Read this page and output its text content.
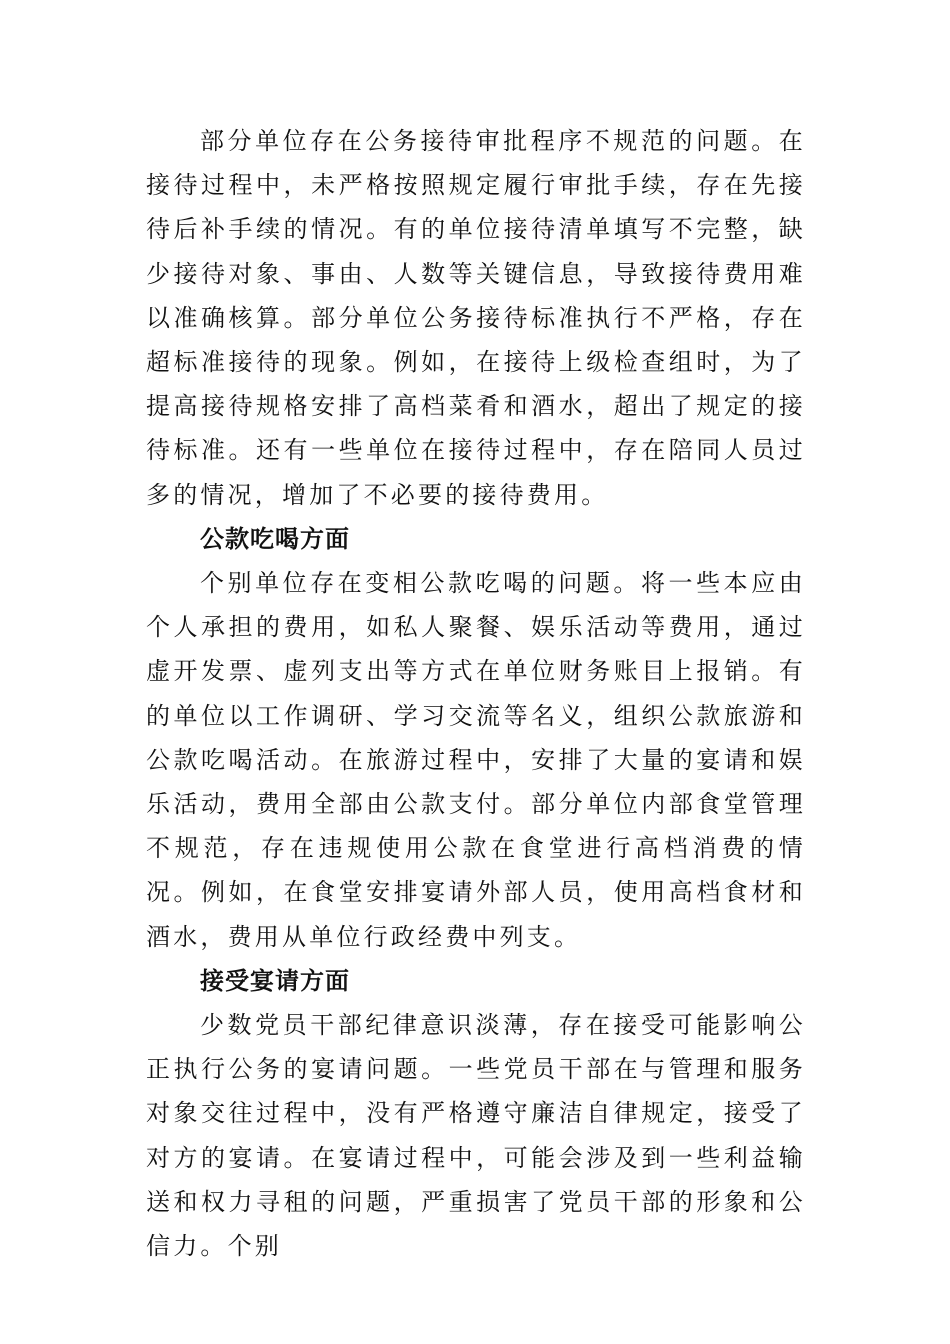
部分单位存在公务接待审批程序不规范的问题。在接待过程中，未严格按照规定履行审批手续，存在先接待后补手续的情况。有的单位接待清单填写不完整，缺少接待对象、事由、人数等关键信息，导致接待费用难以准确核算。部分单位公务接待标准执行不严格，存在超标准接待的现象。例如，在接待上级检查组时，为了提高接待规格安排了高档菜肴和酒水，超出了规定的接待标准。还有一些单位在接待过程中，存在陪同人员过多的情况，增加了不必要的接待费用。

公款吃喝方面

个别单位存在变相公款吃喝的问题。将一些本应由个人承担的费用，如私人聚餐、娱乐活动等费用，通过虚开发票、虚列支出等方式在单位财务账目上报销。有的单位以工作调研、学习交流等名义，组织公款旅游和公款吃喝活动。在旅游过程中，安排了大量的宴请和娱乐活动，费用全部由公款支付。部分单位内部食堂管理不规范，存在违规使用公款在食堂进行高档消费的情况。例如，在食堂安排宴请外部人员，使用高档食材和酒水，费用从单位行政经费中列支。

接受宴请方面

少数党员干部纪律意识淡薄，存在接受可能影响公正执行公务的宴请问题。一些党员干部在与管理和服务对象交往过程中，没有严格遵守廉洁自律规定，接受了对方的宴请。在宴请过程中，可能会涉及到一些利益输送和权力寻租的问题，严重损害了党员干部的形象和公信力。个别
